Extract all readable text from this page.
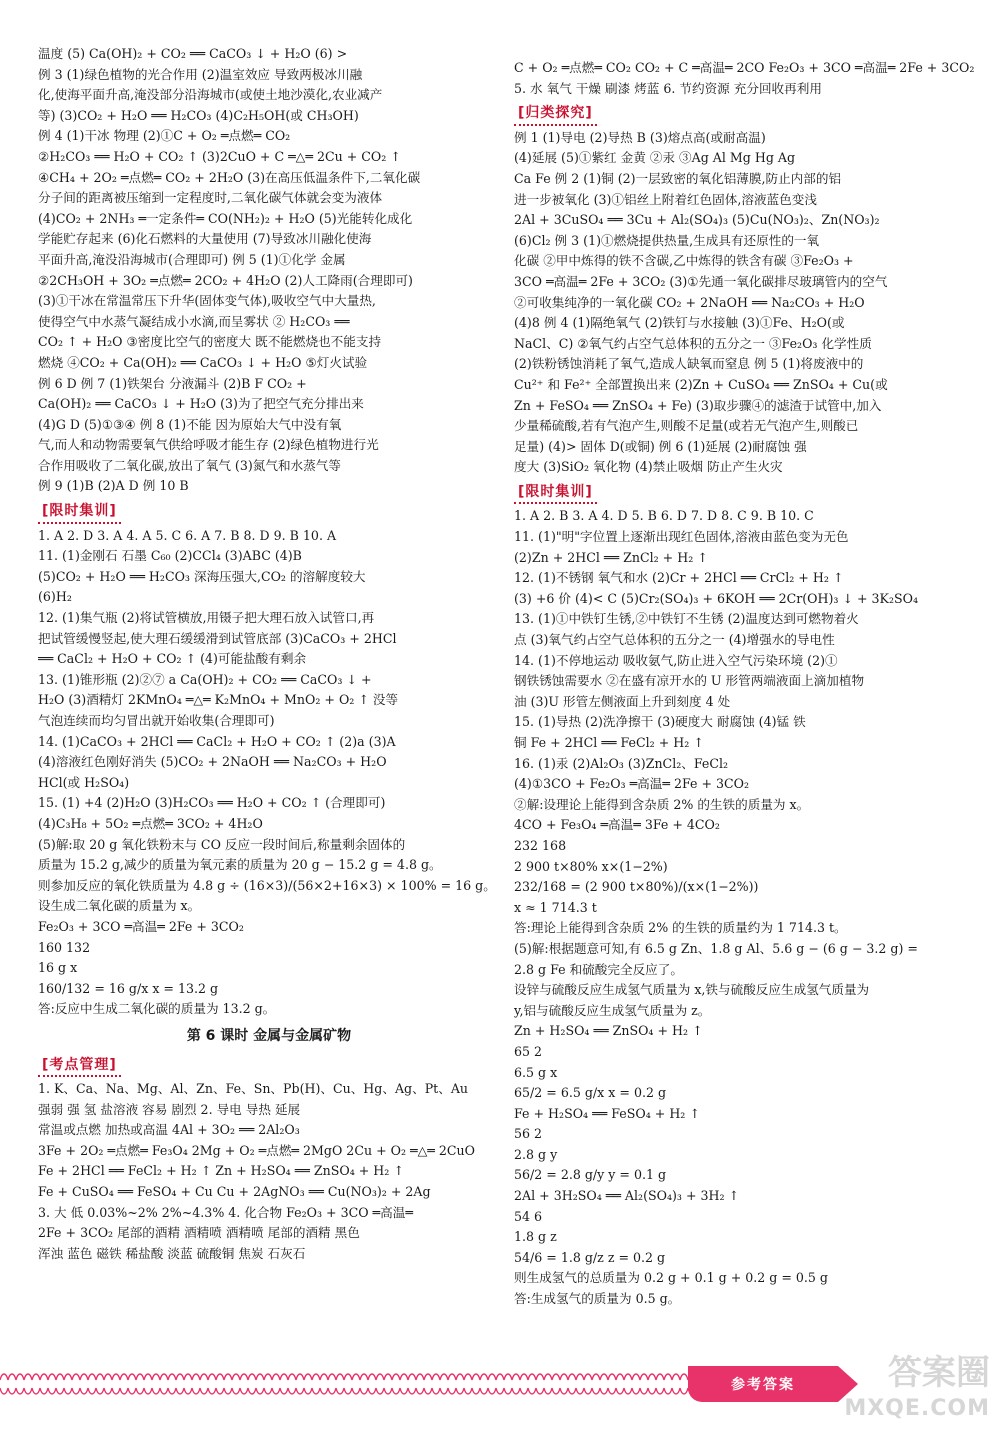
温度 (5) Ca(OH)₂ + CO₂ ══ CaCO₃ ↓ + H₂O (6) >
例 3 (1)绿色植物的光合作用 (2)温室效应 导致两极冰川融
化,使海平面升高,淹没部分沿海城市(或使土地沙漠化,农业减产
等) (3)CO₂ + H₂O ══ H₂CO₃ (4)C₂H₅OH(或 CH₃OH)
例 4 (1)干冰 物理 (2)①C + O₂ ═点燃═ CO₂
②H₂CO₃ ══ H₂O + CO₂ ↑ (3)2CuO + C ═△═ 2Cu + CO₂ ↑
④CH₄ + 2O₂ ═点燃═ CO₂ + 2H₂O (3)在高压低温条件下,二氧化碳
分子间的距离被压缩到一定程度时,二氧化碳气体就会变为液体
(4)CO₂ + 2NH₃ ═一定条件═ CO(NH₂)₂ + H₂O (5)光能转化成化
学能贮存起来 (6)化石燃料的大量使用 (7)导致冰川融化使海
平面升高,淹没沿海城市(合理即可) 例 5 (1)①化学 金属
②2CH₃OH + 3O₂ ═点燃═ 2CO₂ + 4H₂O (2)人工降雨(合理即可)
(3)①干冰在常温常压下升华(固体变气体),吸收空气中大量热,
使得空气中水蒸气凝结成小水滴,而呈雾状 ② H₂CO₃ ══
CO₂ ↑ + H₂O ③密度比空气的密度大 既不能燃烧也不能支持
燃烧 ④CO₂ + Ca(OH)₂ ══ CaCO₃ ↓ + H₂O ⑤灯火试验
例 6 D 例 7 (1)铁架台 分液漏斗 (2)B F CO₂ +
Ca(OH)₂ ══ CaCO₃ ↓ + H₂O (3)为了把空气充分排出来
(4)G D (5)①③④ 例 8 (1)不能 因为原始大气中没有氧
气,而人和动物需要氧气供给呼吸才能生存 (2)绿色植物进行光
合作用吸收了二氧化碳,放出了氧气 (3)氮气和水蒸气等
例 9 (1)B (2)A D 例 10 B
[限时集训]

1. A 2. D 3. A 4. A 5. C 6. A 7. B 8. D 9. B 10. A
11. (1)金刚石 石墨 C₆₀ (2)CCl₄ (3)ABC (4)B
(5)CO₂ + H₂O ══ H₂CO₃ 深海压强大,CO₂ 的溶解度较大
(6)H₂
12. (1)集气瓶 (2)将试管横放,用镊子把大理石放入试管口,再
把试管缓慢竖起,使大理石缓缓滑到试管底部 (3)CaCO₃ + 2HCl
══ CaCl₂ + H₂O + CO₂ ↑ (4)可能盐酸有剩余
13. (1)锥形瓶 (2)②⑦ a Ca(OH)₂ + CO₂ ══ CaCO₃ ↓ +
H₂O (3)酒精灯 2KMnO₄ ═△═ K₂MnO₄ + MnO₂ + O₂ ↑ 没等
气泡连续而均匀冒出就开始收集(合理即可)
14. (1)CaCO₃ + 2HCl ══ CaCl₂ + H₂O + CO₂ ↑ (2)a (3)A
(4)溶液红色刚好消失 (5)CO₂ + 2NaOH ══ Na₂CO₃ + H₂O
HCl(或 H₂SO₄)
15. (1) +4 (2)H₂O (3)H₂CO₃ ══ H₂O + CO₂ ↑ (合理即可)
(4)C₃H₈ + 5O₂ ═点燃═ 3CO₂ + 4H₂O
(5)解:取 20 g 氧化铁粉末与 CO 反应一段时间后,称量剩余固体的
质量为 15.2 g,减少的质量为氧元素的质量为 20 g − 15.2 g = 4.8 g。
则参加反应的氧化铁质量为 4.8 g ÷ (16×3)/(56×2+16×3) × 100% = 16 g。
设生成二氧化碳的质量为 x。
Fe₂O₃ + 3CO ═高温═ 2Fe + 3CO₂
160 132
16 g x
160/132 = 16 g/x x = 13.2 g
答:反应中生成二氧化碳的质量为 13.2 g。
第 6 课时 金属与金属矿物
[考点管理]

1. K、Ca、Na、Mg、Al、Zn、Fe、Sn、Pb(H)、Cu、Hg、Ag、Pt、Au
强弱 强 氢 盐溶液 容易 剧烈 2. 导电 导热 延展
常温或点燃 加热或高温 4Al + 3O₂ ══ 2Al₂O₃
3Fe + 2O₂ ═点燃═ Fe₃O₄ 2Mg + O₂ ═点燃═ 2MgO 2Cu + O₂ ═△═ 2CuO
Fe + 2HCl ══ FeCl₂ + H₂ ↑ Zn + H₂SO₄ ══ ZnSO₄ + H₂ ↑
Fe + CuSO₄ ══ FeSO₄ + Cu Cu + 2AgNO₃ ══ Cu(NO₃)₂ + 2Ag
3. 大 低 0.03%~2% 2%~4.3% 4. 化合物 Fe₂O₃ + 3CO ═高温═
2Fe + 3CO₂ 尾部的酒精 酒精喷 酒精喷 尾部的酒精 黑色
浑浊 蓝色 磁铁 稀盐酸 淡蓝 硫酸铜 焦炭 石灰石
C + O₂ ═点燃═ CO₂ CO₂ + C ═高温═ 2CO Fe₂O₃ + 3CO ═高温═ 2Fe + 3CO₂
5. 水 氧气 干燥 刷漆 烤蓝 6. 节约资源 充分回收再利用
[归类探究]

例 1 (1)导电 (2)导热 B (3)熔点高(或耐高温)
(4)延展 (5)①紫红 金黄 ②汞 ③Ag Al Mg Hg Ag
Ca Fe 例 2 (1)铜 (2)一层致密的氧化铝薄膜,防止内部的铝
进一步被氧化 (3)①铝丝上附着红色固体,溶液蓝色变浅
2Al + 3CuSO₄ ══ 3Cu + Al₂(SO₄)₃ (5)Cu(NO₃)₂、Zn(NO₃)₂
(6)Cl₂ 例 3 (1)①燃烧提供热量,生成具有还原性的一氧
化碳 ②甲中炼得的铁不含碳,乙中炼得的铁含有碳 ③Fe₂O₃ +
3CO ═高温═ 2Fe + 3CO₂ (3)①先通一氧化碳排尽玻璃管内的空气
②可收集纯净的一氧化碳 CO₂ + 2NaOH ══ Na₂CO₃ + H₂O
(4)8 例 4 (1)隔绝氧气 (2)铁钉与水接触 (3)①Fe、H₂O(或
NaCl、C) ②氧气约占空气总体积的五分之一 ③Fe₂O₃ 化学性质
(2)铁粉锈蚀消耗了氧气,造成人缺氧而窒息 例 5 (1)将废液中的
Cu²⁺ 和 Fe²⁺ 全部置换出来 (2)Zn + CuSO₄ ══ ZnSO₄ + Cu(或
Zn + FeSO₄ ══ ZnSO₄ + Fe) (3)取步骤④的滤渣于试管中,加入
少量稀硫酸,若有气泡产生,则酸不足量(或若无气泡产生,则酸已
足量) (4)> 固体 D(或铜) 例 6 (1)延展 (2)耐腐蚀 强
度大 (3)SiO₂ 氧化物 (4)禁止吸烟 防止产生火灾
[限时集训]

1. A 2. B 3. A 4. D 5. B 6. D 7. D 8. C 9. B 10. C
11. (1)"明"字位置上逐渐出现红色固体,溶液由蓝色变为无色
(2)Zn + 2HCl ══ ZnCl₂ + H₂ ↑
12. (1)不锈钢 氧气和水 (2)Cr + 2HCl ══ CrCl₂ + H₂ ↑
(3) +6 价 (4)< C (5)Cr₂(SO₄)₃ + 6KOH ══ 2Cr(OH)₃ ↓ + 3K₂SO₄
13. (1)①中铁钉生锈,②中铁钉不生锈 (2)温度达到可燃物着火
点 (3)氧气约占空气总体积的五分之一 (4)增强水的导电性
14. (1)不停地运动 吸收氨气,防止进入空气污染环境 (2)①
钢铁锈蚀需要水 ②在盛有凉开水的 U 形管两端液面上滴加植物
油 (3)U 形管左侧液面上升到刻度 4 处
15. (1)导热 (2)洗净擦干 (3)硬度大 耐腐蚀 (4)锰 铁
铜 Fe + 2HCl ══ FeCl₂ + H₂ ↑
16. (1)汞 (2)Al₂O₃ (3)ZnCl₂、FeCl₂
(4)①3CO + Fe₂O₃ ═高温═ 2Fe + 3CO₂
②解:设理论上能得到含杂质 2% 的生铁的质量为 x。
4CO + Fe₃O₄ ═高温═ 3Fe + 4CO₂
232 168
2 900 t×80% x×(1−2%)
232/168 = (2 900 t×80%)/(x×(1−2%))
x ≈ 1 714.3 t
答:理论上能得到含杂质 2% 的生铁的质量约为 1 714.3 t。
(5)解:根据题意可知,有 6.5 g Zn、1.8 g Al、5.6 g − (6 g − 3.2 g) =
2.8 g Fe 和硫酸完全反应了。
设锌与硫酸反应生成氢气质量为 x,铁与硫酸反应生成氢气质量为
y,铝与硫酸反应生成氢气质量为 z。
Zn + H₂SO₄ ══ ZnSO₄ + H₂ ↑
65 2
6.5 g x
65/2 = 6.5 g/x x = 0.2 g
Fe + H₂SO₄ ══ FeSO₄ + H₂ ↑
56 2
2.8 g y
56/2 = 2.8 g/y y = 0.1 g
2Al + 3H₂SO₄ ══ Al₂(SO₄)₃ + 3H₂ ↑
54 6
1.8 g z
54/6 = 1.8 g/z z = 0.2 g
则生成氢气的总质量为 0.2 g + 0.1 g + 0.2 g = 0.5 g
答:生成氢气的质量为 0.5 g。
参考答案	答案圈
MXQE.COM
